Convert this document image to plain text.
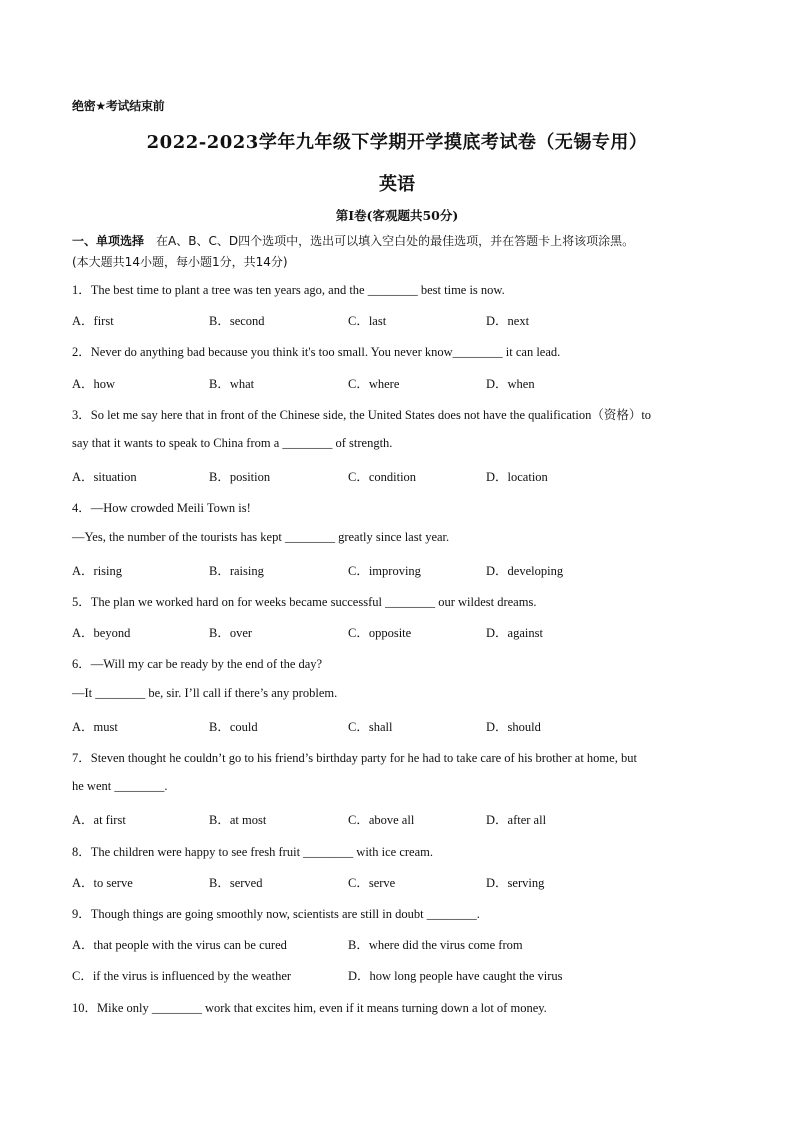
绝密★考试结束前
2022-2023学年九年级下学期开学摸底考试卷（无锡专用）
英语
第Ⅰ卷(客观题共50分)
一、单项选择　在A、B、C、D四个选项中，选出可以填入空白处的最佳选项，并在答题卡上将该项涂黑。
(本大题共14小题，每小题1分，共14分)
1．The best time to plant a tree was ten years ago, and the ________ best time is now.
A．first	B．second	C．last	D．next
2．Never do anything bad because you think it's too small. You never know________ it can lead.
A．how	B．what	C．where	D．when
3．So let me say here that in front of the Chinese side, the United States does not have the qualification（资格）to
say that it wants to speak to China from a ________ of strength.
A．situation	B．position	C．condition	D．location
4．—How crowded Meili Town is!
—Yes, the number of the tourists has kept ________ greatly since last year.
A．rising	B．raising	C．improving	D．developing
5．The plan we worked hard on for weeks became successful ________ our wildest dreams.
A．beyond	B．over	C．opposite	D．against
6．—Will my car be ready by the end of the day?
—It ________ be, sir. I’ll call if there’s any problem.
A．must	B．could	C．shall	D．should
7．Steven thought he couldn’t go to his friend’s birthday party for he had to take care of his brother at home, but
he went ________.
A．at first	B．at most	C．above all	D．after all
8．The children were happy to see fresh fruit ________ with ice cream.
A．to serve	B．served	C．serve	D．serving
9．Though things are going smoothly now, scientists are still in doubt ________.
A．that people with the virus can be cured	B．where did the virus come from
C．if the virus is influenced by the weather	D．how long people have caught the virus
10．Mike only ________ work that excites him, even if it means turning down a lot of money.
